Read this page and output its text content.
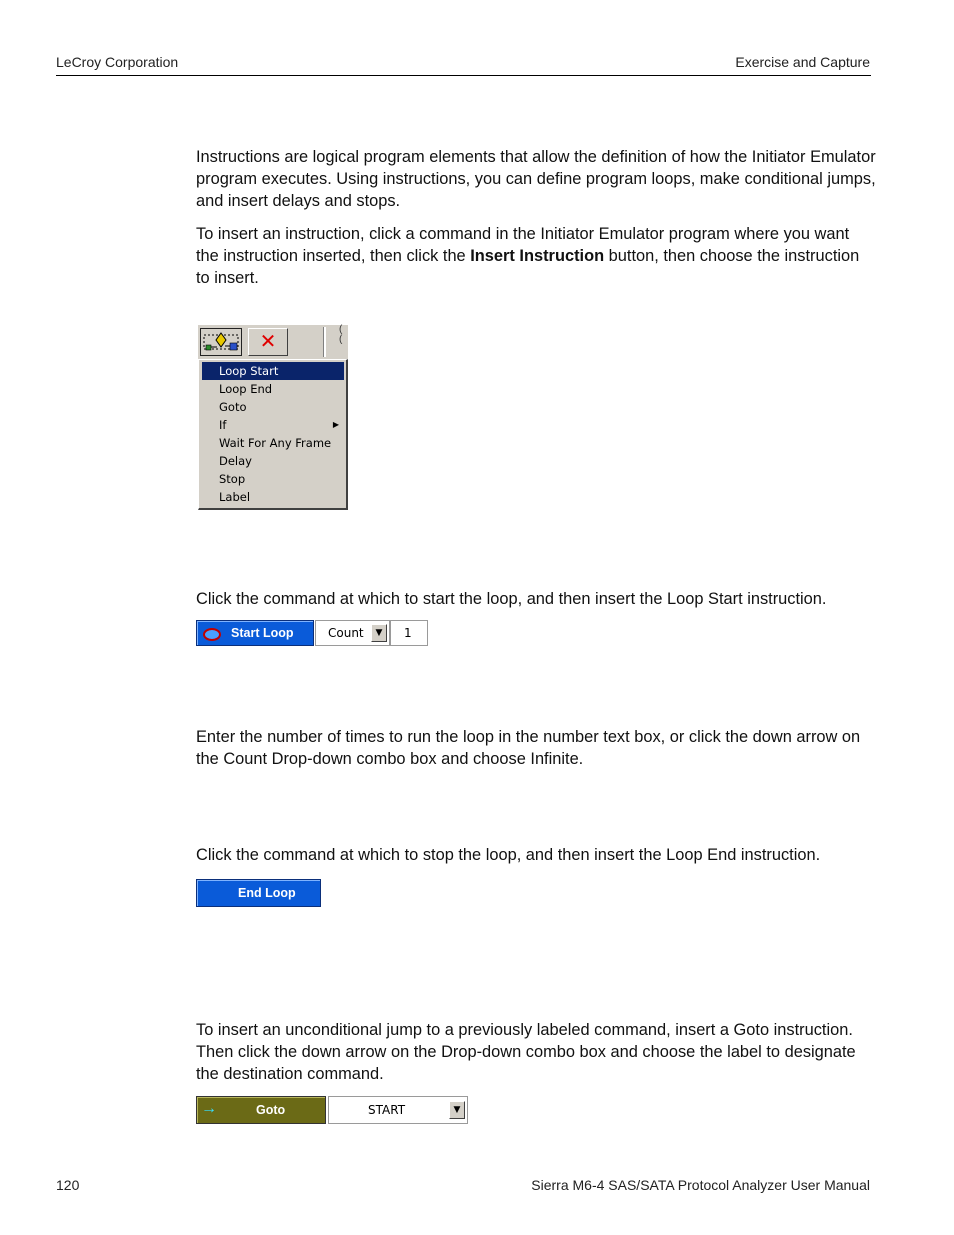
LeCroy Corporation	Exercise and Capture

Instructions are logical program elements that allow the definition of how the Initiator Emulator program executes. Using instructions, you can define program loops, make conditional jumps, and insert delays and stops.

To insert an instruction, click a command in the Initiator Emulator program where you want the instruction inserted, then click the Insert Instruction button, then choose the instruction to insert.

✕
(
(
Loop Start
Loop End
Goto
If	▶
Wait For Any Frame
Delay
Stop
Label

Click the command at which to start the loop, and then insert the Loop Start instruction.

Start Loop	Count	▼	1

Enter the number of times to run the loop in the number text box, or click the down arrow on the Count Drop-down combo box and choose Infinite.

Click the command at which to stop the loop, and then insert the Loop End instruction.

End Loop

To insert an unconditional jump to a previously labeled command, insert a Goto instruction. Then click the down arrow on the Drop-down combo box and choose the label to designate the destination command.

→	Goto	START	▼
120	Sierra M6-4 SAS/SATA Protocol Analyzer User Manual
